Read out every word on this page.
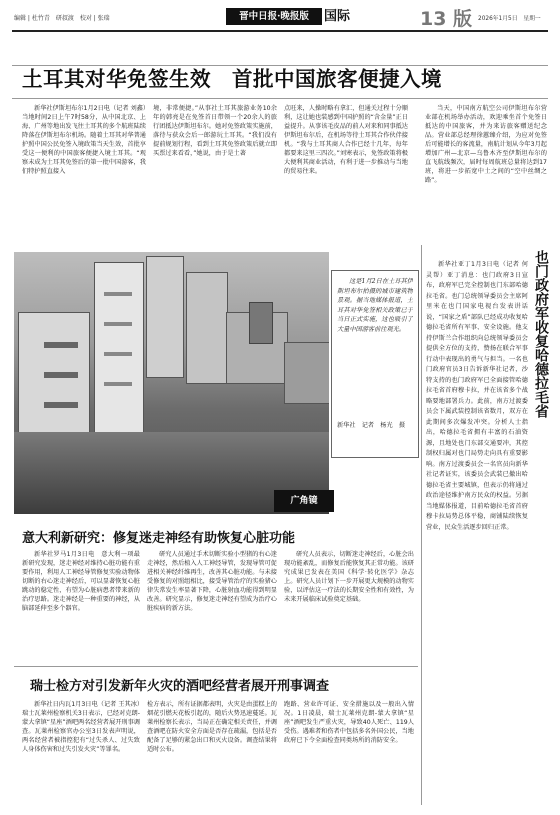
编辑 | 杜竹青　研叔渡　校对 | 张瑞	晋中日报·晚报版	国际	13 版 2026年1月5日　星期一
土耳其对华免签生效　首批中国旅客便捷入境

新华社伊斯坦布尔1月2日电（记者 刘鑫）当地时间2日上午7时58分，从中国北京、上海、广州等地出发飞往土耳其的多个航班陆续降落在伊斯坦布尔机场。随着土耳其对华普通护照中国公民免签入境政策当天生效，首批享受这一便利的中国旅客便捷入境土耳其。“观察未成为土耳其免签后的第一批中国游客，我们特护照直接入

境，非常便捷。”从事社土耳其旅游业务10余年的韩亮是在免签首日带领一个20余人的旅行团抵达伊斯坦布尔。她对免签政策实施前，落待与获众会后一郎游玩土耳其。“我们没有提前规划行程，看到土耳其免签政策后就立即买票过来看看，”她说，由于是土著

点旺来，人操时略有拿汇，但通关过程十分顺利，这让她也装感到中国护照的“含金量”正日益提升。从事该毛皮品的前人对来和同事抵达伊斯坦布尔后，在机场等待土耳其合作伙伴接机。“我与土耳其商人合作已经十几年，每年都要来这里三四次。”刘寒表示，免签政策将极大便利其商业活动，有利于进一步推动与当地的贸易往来。

当天，中国南方航空公司伊斯坦布尔营业部在机场举办活动，欢迎乘坐首个免签日抵达的中国旅客，并为来访旅客赠送纪念品。营业部总经理徐蕙臻介绍，为应对免签后可能增长的客流量，南航计划从今年3月起增加广州—北京—乌鲁木齐至伊斯坦布尔的直飞航线频次，届时每周航班总量将达到17班，将进一步拓宽中土之间的“空中丝绸之路”。

这是1月2日在土耳其伊斯坦布尔拍摄的城市建筑物景观。据当地媒体报道，土耳其对华免签相关政策已于当日正式实施，这也吸引了大量中国游客前往观光。

新华社　记者　杨光　摄
广角镜
也门政府军收复哈德拉毛省

新华社亚丁1月3日电（记者 何灵帮）亚丁消息：也门政府3日宣布，政府军已完全控制也门东部哈德拉毛省。也门总统领导委员会主席阿里米在也门国家电视台发表讲话说，“国家之盾”部队已经成功收复哈德拉毛省所有军事、安全设施。他支持伊斯兰合作组织向总统领导委员会提供全方位的支持，赞扬在联合军事行动中表现出的勇气与担当。一名也门政府官员3日告诉新华社记者，沙特支持的也门政府军已全面接管哈德拉毛省首府穆卡拉，并在该省多个战略要地部署兵力。此前，南方过渡委员会下属武装控制该省数月，双方在此期间多次爆发冲突。分析人士指出，哈德拉毛省拥有丰富的石油资源，且地处也门东部交通要冲，其控制权归属对也门局势走向具有重要影响。南方过渡委员会一名官员向新华社记者证实，该委员会武装已撤出哈德拉毛省主要城镇，但表示仍将通过政治途径维护南方民众的权益。另据当地媒体报道，目前哈德拉毛省首府穆卡拉局势总体平稳，商铺陆续恢复营业，民众生活逐步回归正常。

意大利新研究：修复迷走神经有助恢复心脏功能

新华社罗马1月3日电　意大利一项最新研究发现，迷走神经对维持心脏功能有重要作用，利用人工神经导管修复实验动物体切断的右心迷走神经后，可以显著恢复心脏跳动的稳定性，有望为心脏病患者带来新的治疗思路。迷走神经是一种重要的神经，从脑部延伸至多个器官。

研究人员通过手术切断实验小型猪的右心迷走神经，然后植入人工神经导管，发现导管可促进相关神经纤维再生，改善其心脏功能。与未接受修复的对照组相比，接受导管治疗的实验猪心律失常发生率显著下降，心脏射血功能得到明显改善。研究显示，修复迷走神经有望成为治疗心脏疾病的新方法。

研究人员表示，切断迷走神经后，心脏会出现功能紊乱，而修复后能恢复其正常功能。该研究成果已发表在美国《科学·转化医学》杂志上。研究人员计划下一步开展更大规模的动物实验，以评估这一疗法的长期安全性和有效性，为未来开展临床试验奠定基础。

瑞士检方对引发新年火灾的酒吧经营者展开刑事调查

新华社日内瓦1月3日电（记者 王其冰）瑞士瓦莱州检察机关3日表示，已经对克朗-蒙大拿镇“星座”酒吧两名经营者展开刑事调查。瓦莱州检察官办公室3日发表声明说，两名经营者被指控犯有“过失杀人、过失致人身体伤害和过失引发火灾”等罪名。

检方表示，所有证据都表明，火灾是由蛋糕上的烟花引燃天花板引起的，随后火势迅速蔓延。瓦莱州检察长表示，当局正在确定相关责任，并调查酒吧在防火安全方面是否存在疏漏，包括是否配备了足够的紧急出口和灭火设备。调查结果将适时公布。

跑路、营业许可证、安全措施以及一般出入情况。1日凌晨，瑞士瓦莱州克朗-蒙大拿镇“星座”酒吧发生严重火灾，导致40人死亡、119人受伤。遇难者和伤者中包括多名外国公民，当地政府已下令全面检查同类场所的消防安全。
